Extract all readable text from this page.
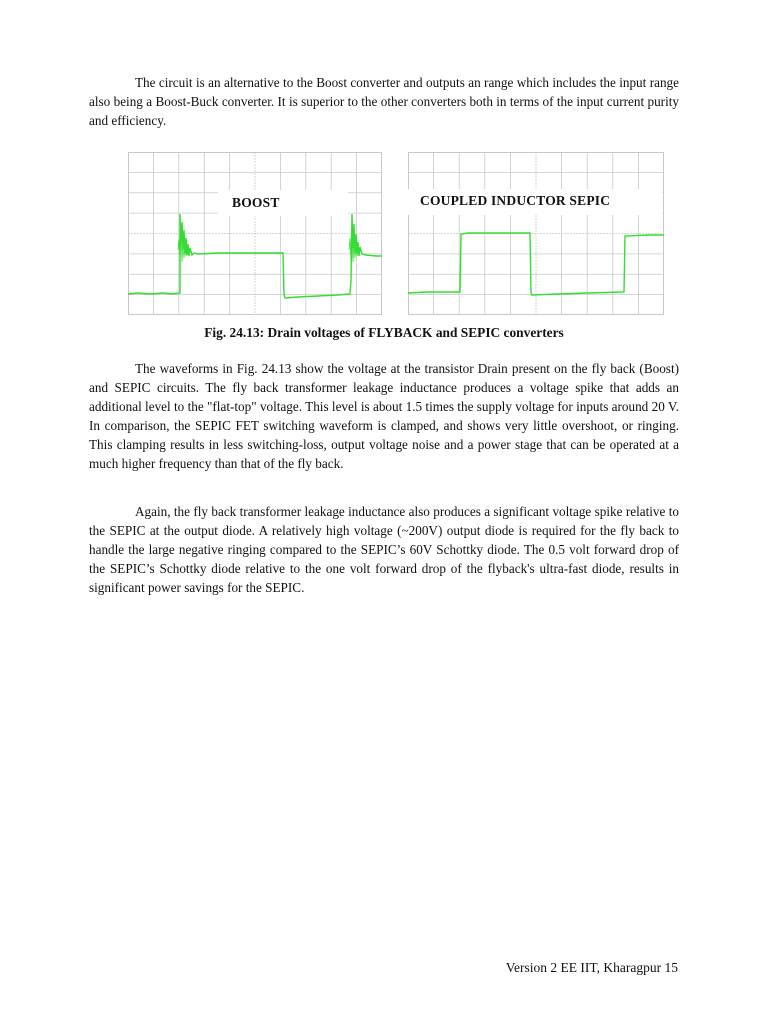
The circuit is an alternative to the Boost converter and outputs an range which includes the input range also being a Boost-Buck converter. It is superior to the other converters both in terms of the input current purity and efficiency.

BOOST	COUPLED INDUCTOR SEPIC

Fig. 24.13: Drain voltages of FLYBACK and SEPIC converters

The waveforms in Fig. 24.13 show the voltage at the transistor Drain present on the fly back (Boost) and SEPIC circuits. The fly back transformer leakage inductance produces a voltage spike that adds an additional level to the "flat-top" voltage. This level is about 1.5 times the supply voltage for inputs around 20 V. In comparison, the SEPIC FET switching waveform is clamped, and shows very little overshoot, or ringing. This clamping results in less switching-loss, output voltage noise and a power stage that can be operated at a much higher frequency than that of the fly back.

Again, the fly back transformer leakage inductance also produces a significant voltage spike relative to the SEPIC at the output diode. A relatively high voltage (~200V) output diode is required for the fly back to handle the large negative ringing compared to the SEPIC’s 60V Schottky diode. The 0.5 volt forward drop of the SEPIC’s Schottky diode relative to the one volt forward drop of the flyback's ultra-fast diode, results in significant power savings for the SEPIC.

Version 2 EE IIT, Kharagpur 15
